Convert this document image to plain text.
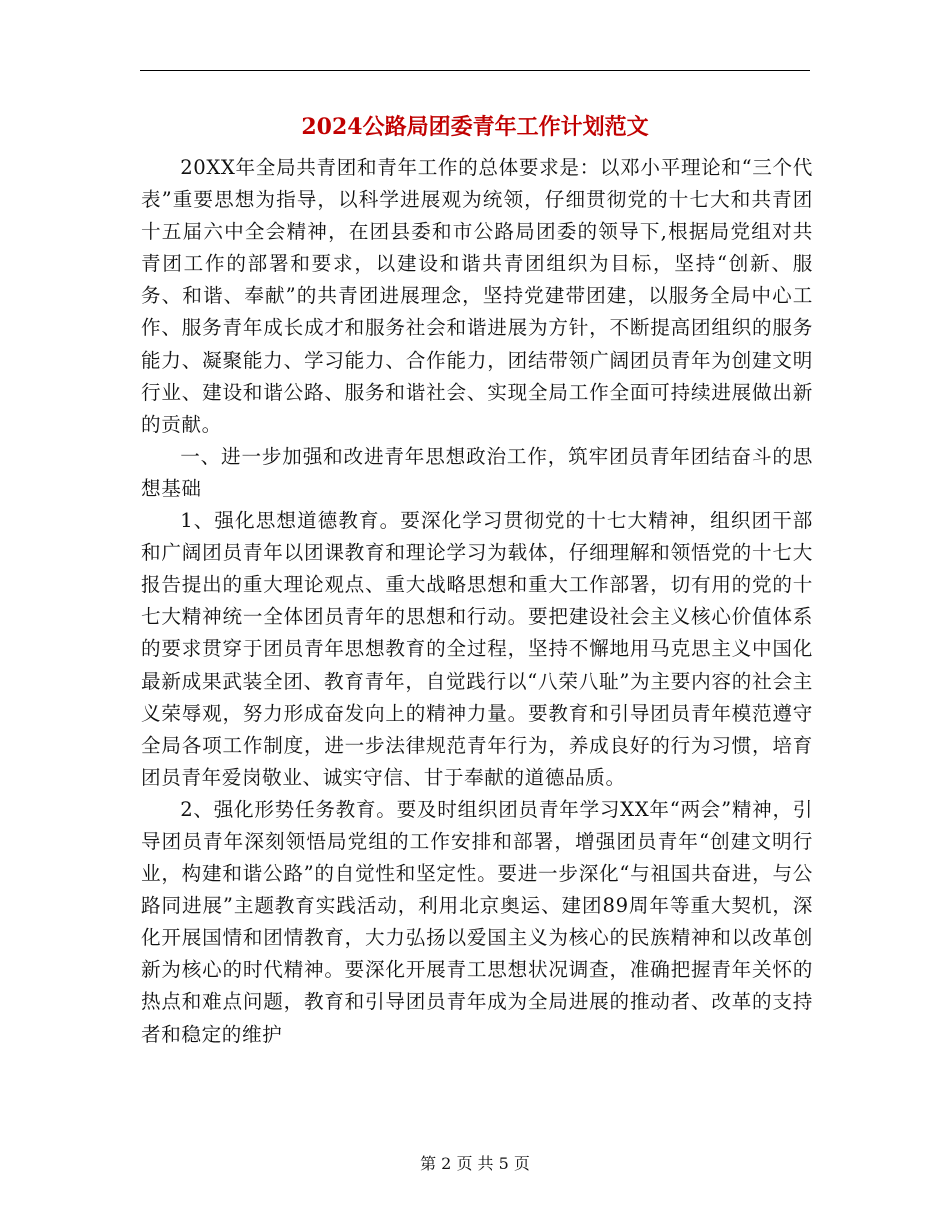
2024公路局团委青年工作计划范文

20XX年全局共青团和青年工作的总体要求是：以邓小平理论和“三个代表”重要思想为指导，以科学进展观为统领，仔细贯彻党的十七大和共青团十五届六中全会精神，在团县委和市公路局团委的领导下,根据局党组对共青团工作的部署和要求，以建设和谐共青团组织为目标，坚持“创新、服务、和谐、奉献”的共青团进展理念，坚持党建带团建，以服务全局中心工作、服务青年成长成才和服务社会和谐进展为方针，不断提高团组织的服务能力、凝聚能力、学习能力、合作能力，团结带领广阔团员青年为创建文明行业、建设和谐公路、服务和谐社会、实现全局工作全面可持续进展做出新的贡献。

一、进一步加强和改进青年思想政治工作，筑牢团员青年团结奋斗的思想基础

1、强化思想道德教育。要深化学习贯彻党的十七大精神，组织团干部和广阔团员青年以团课教育和理论学习为载体，仔细理解和领悟党的十七大报告提出的重大理论观点、重大战略思想和重大工作部署，切有用的党的十七大精神统一全体团员青年的思想和行动。要把建设社会主义核心价值体系的要求贯穿于团员青年思想教育的全过程，坚持不懈地用马克思主义中国化最新成果武装全团、教育青年，自觉践行以“八荣八耻”为主要内容的社会主义荣辱观，努力形成奋发向上的精神力量。要教育和引导团员青年模范遵守全局各项工作制度，进一步法律规范青年行为，养成良好的行为习惯，培育团员青年爱岗敬业、诚实守信、甘于奉献的道德品质。

2、强化形势任务教育。要及时组织团员青年学习XX年“两会”精神，引导团员青年深刻领悟局党组的工作安排和部署，增强团员青年“创建文明行业，构建和谐公路”的自觉性和坚定性。要进一步深化“与祖国共奋进，与公路同进展”主题教育实践活动，利用北京奥运、建团89周年等重大契机，深化开展国情和团情教育，大力弘扬以爱国主义为核心的民族精神和以改革创新为核心的时代精神。要深化开展青工思想状况调查，准确把握青年关怀的热点和难点问题，教育和引导团员青年成为全局进展的推动者、改革的支持者和稳定的维护

第 2 页 共 5 页
